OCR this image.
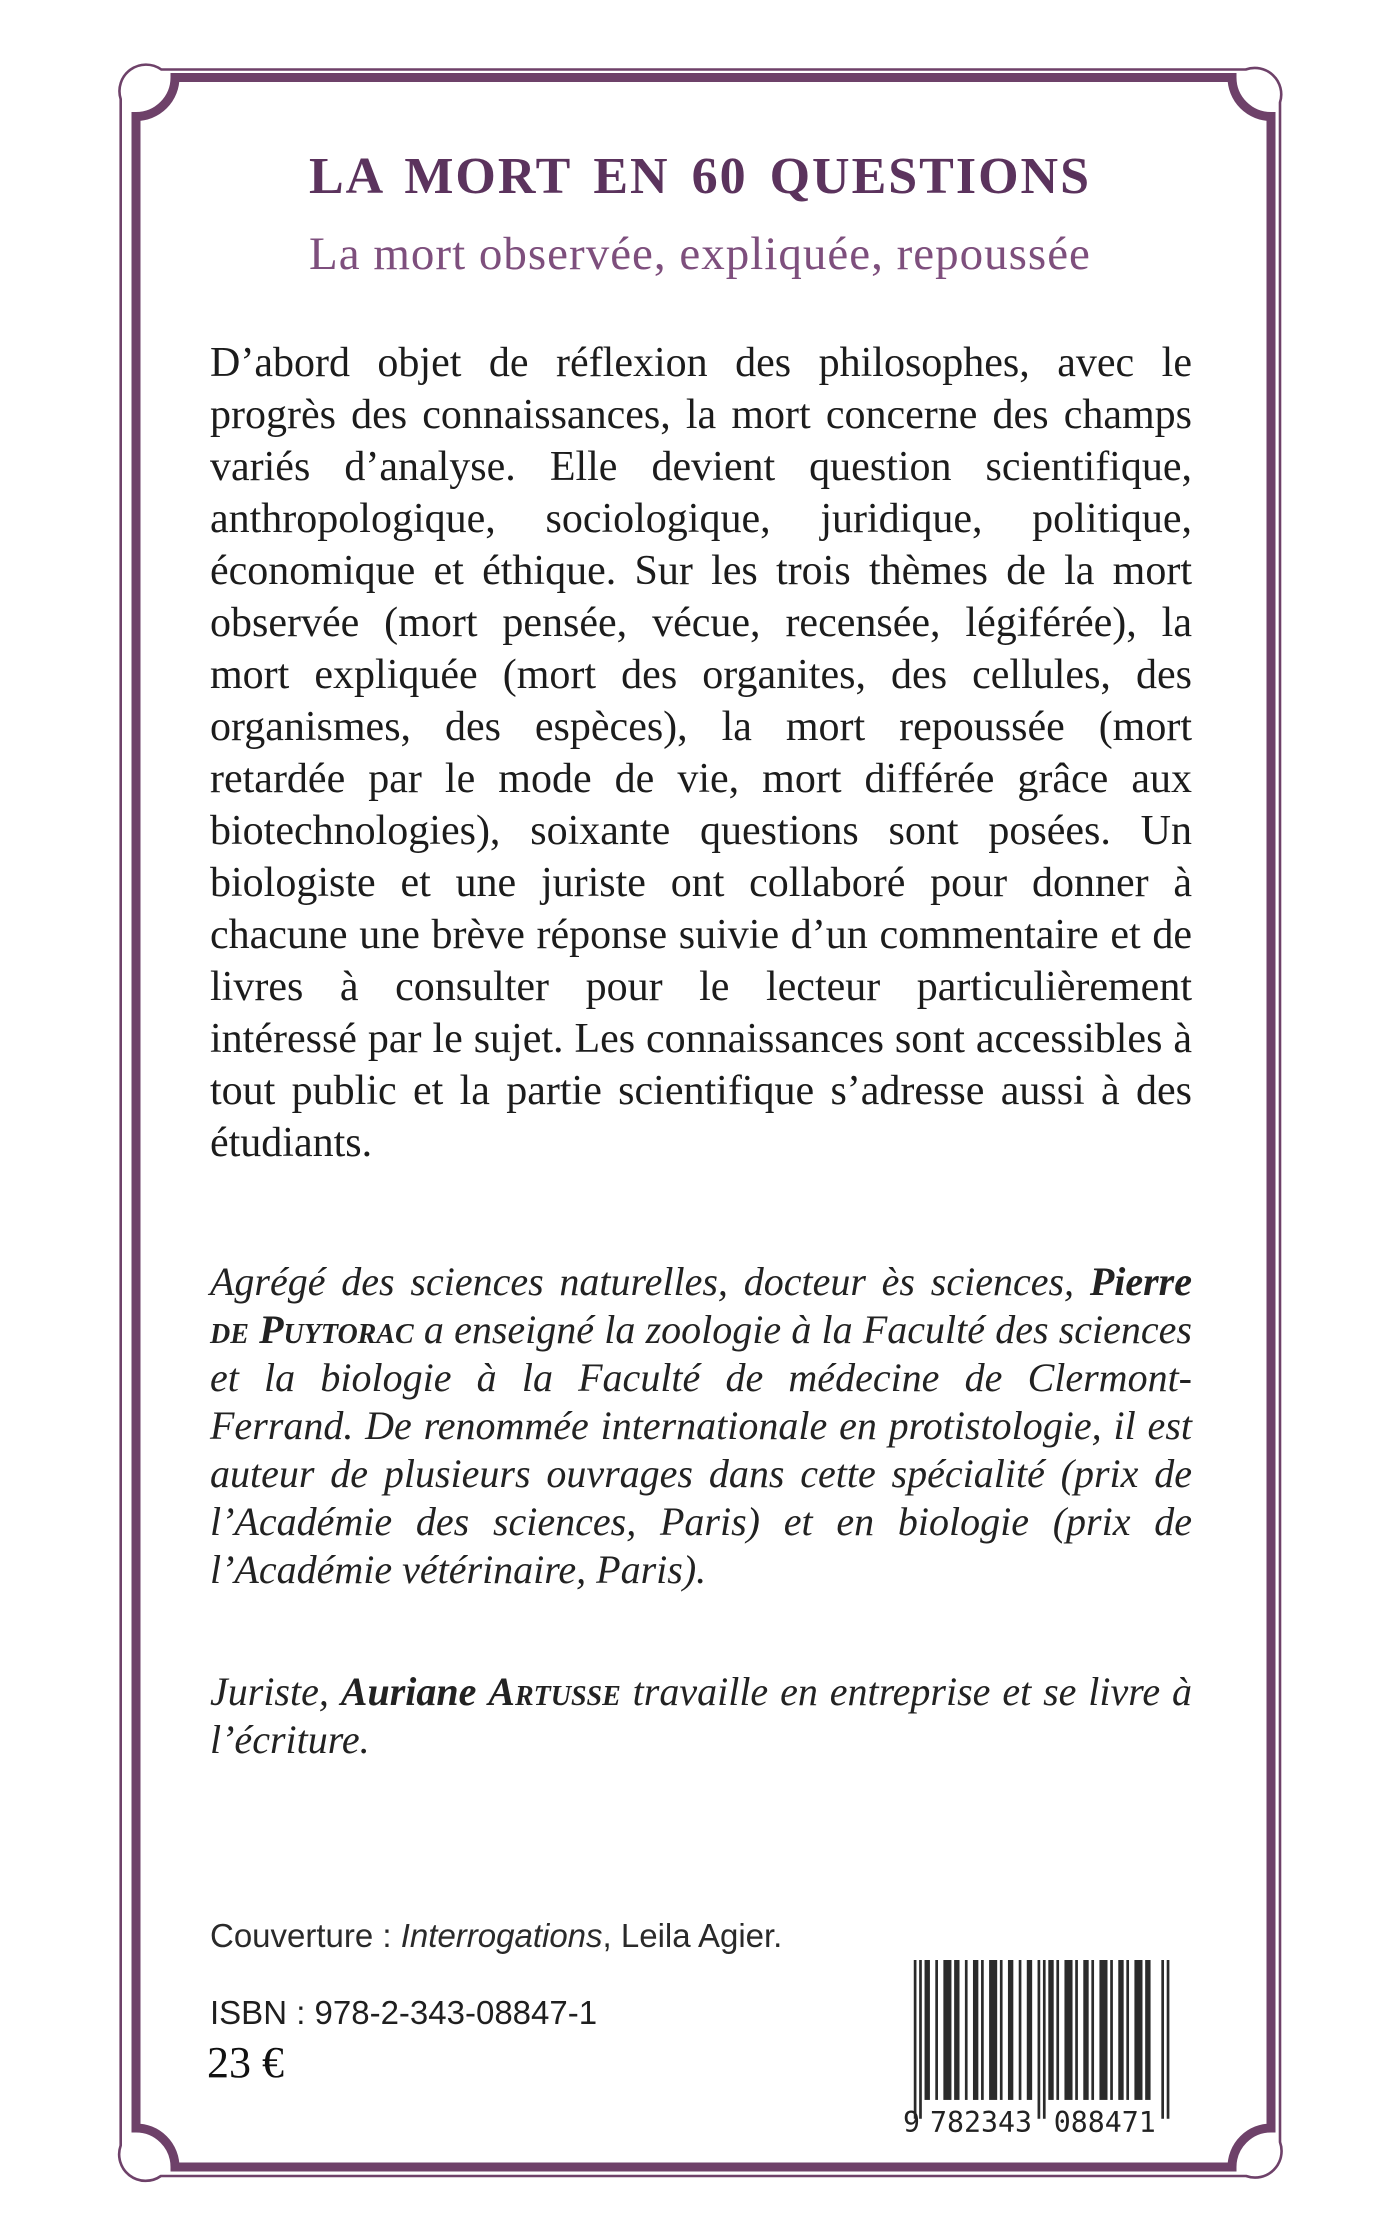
LA MORT EN 60 QUESTIONS
La mort observée, expliquée, repoussée

D’abord objet de réflexion des philosophes, avec le progrès des connaissances, la mort concerne des champs variés d’analyse. Elle devient question scientifique, anthropologique, sociologique, juridique, politique, économique et éthique. Sur les trois thèmes de la mort observée (mort pensée, vécue, recensée, légiférée), la mort expliquée (mort des organites, des cellules, des organismes, des espèces), la mort repoussée (mort retardée par le mode de vie, mort différée grâce aux biotechnologies), soixante questions sont posées. Un biologiste et une juriste ont collaboré pour donner à chacune une brève réponse suivie d’un commentaire et de livres à consulter pour le lecteur particulièrement intéressé par le sujet. Les connaissances sont accessibles à tout public et la partie scientifique s’adresse aussi à des étudiants.

Agrégé des sciences naturelles, docteur ès sciences, Pierre de Puytorac a enseigné la zoologie à la Faculté des sciences et la biologie à la Faculté de médecine de Clermont-Ferrand. De renommée internationale en protistologie, il est auteur de plusieurs ouvrages dans cette spécialité (prix de l’Académie des sciences, Paris) et en biologie (prix de l’Académie vétérinaire, Paris).

Juriste, Auriane Artusse travaille en entreprise et se livre à l’écriture.

Couverture : Interrogations, Leila Agier.

ISBN : 978-2-343-08847-1

23 €

9 782343 088471
